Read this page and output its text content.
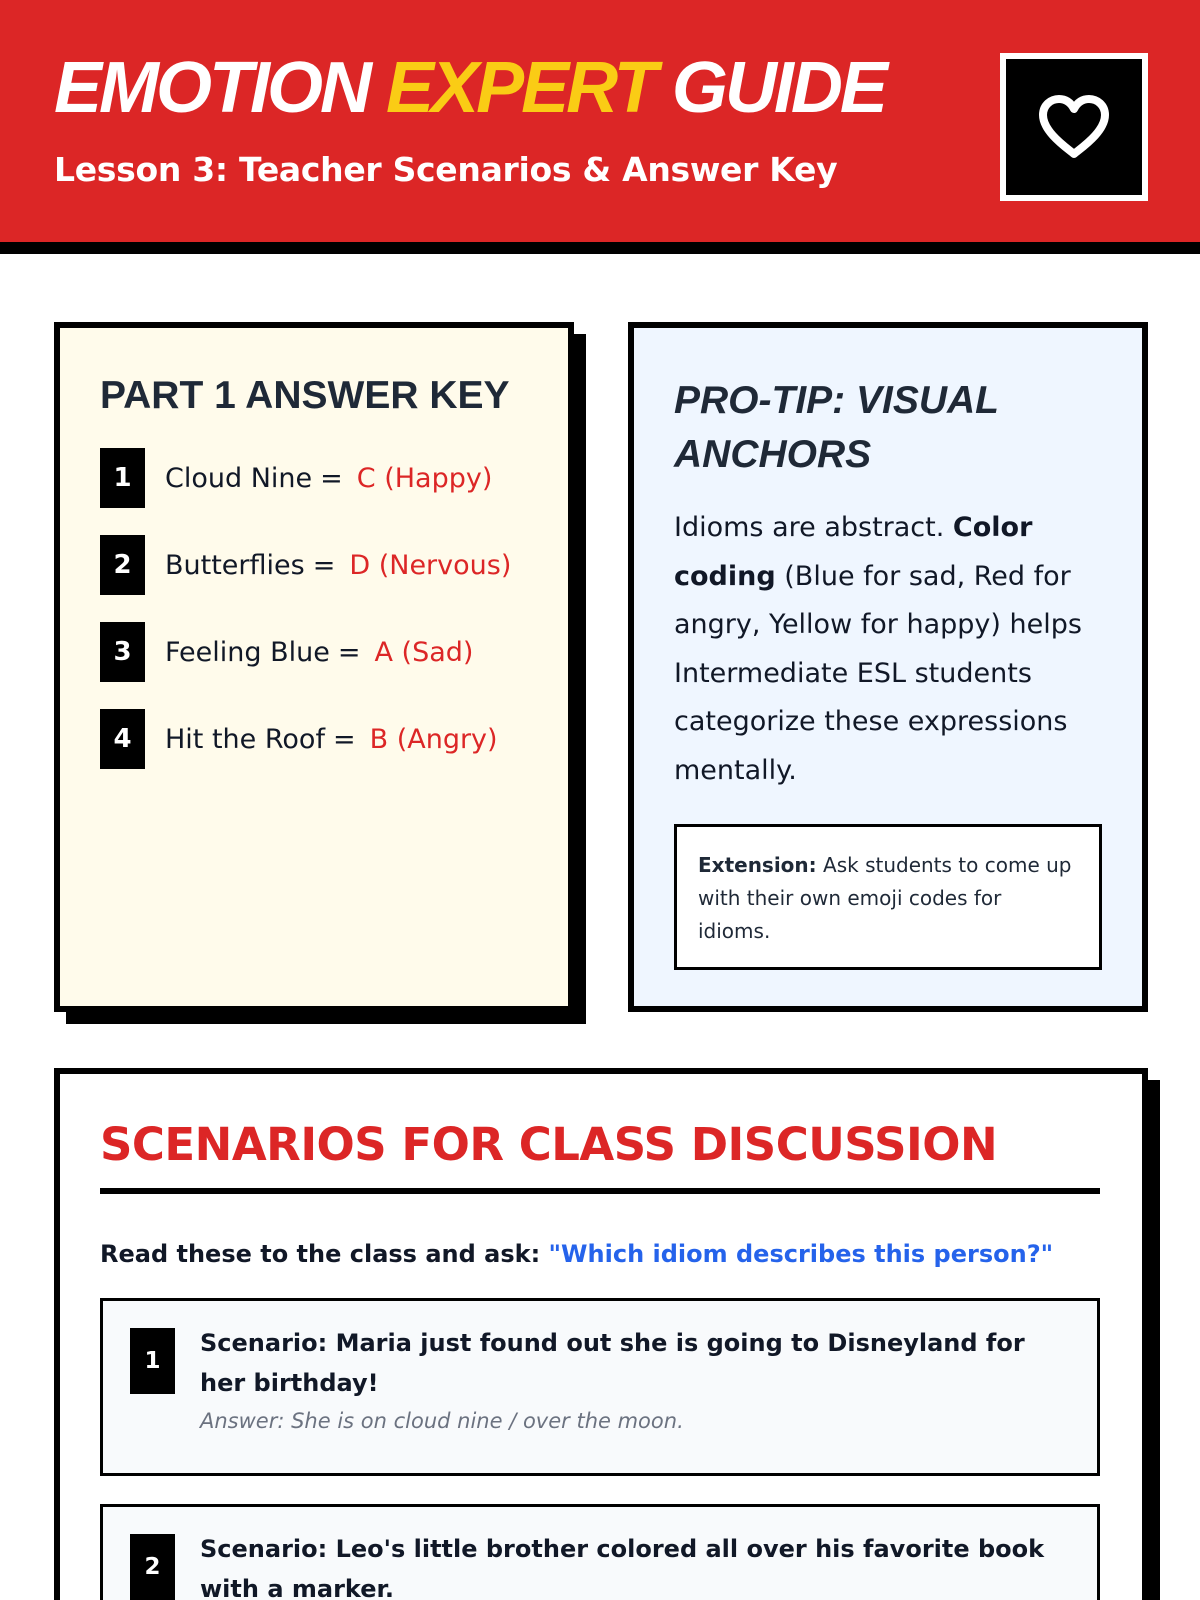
EMOTION EXPERT GUIDE
Lesson 3: Teacher Scenarios & Answer Key
PART 1 ANSWER KEY
1	Cloud Nine = C (Happy)
2	Butterflies = D (Nervous)
3	Feeling Blue = A (Sad)
4	Hit the Roof = B (Angry)
PRO-TIP: VISUAL ANCHORS

Idioms are abstract. Color coding (Blue for sad, Red for angry, Yellow for happy) helps Intermediate ESL students categorize these expressions mentally.

Extension: Ask students to come up with their own emoji codes for idioms.
SCENARIOS FOR CLASS DISCUSSION

Read these to the class and ask: "Which idiom describes this person?"

1
Scenario: Maria just found out she is going to Disneyland for her birthday!
Answer: She is on cloud nine / over the moon.
2
Scenario: Leo's little brother colored all over his favorite book with a marker.
